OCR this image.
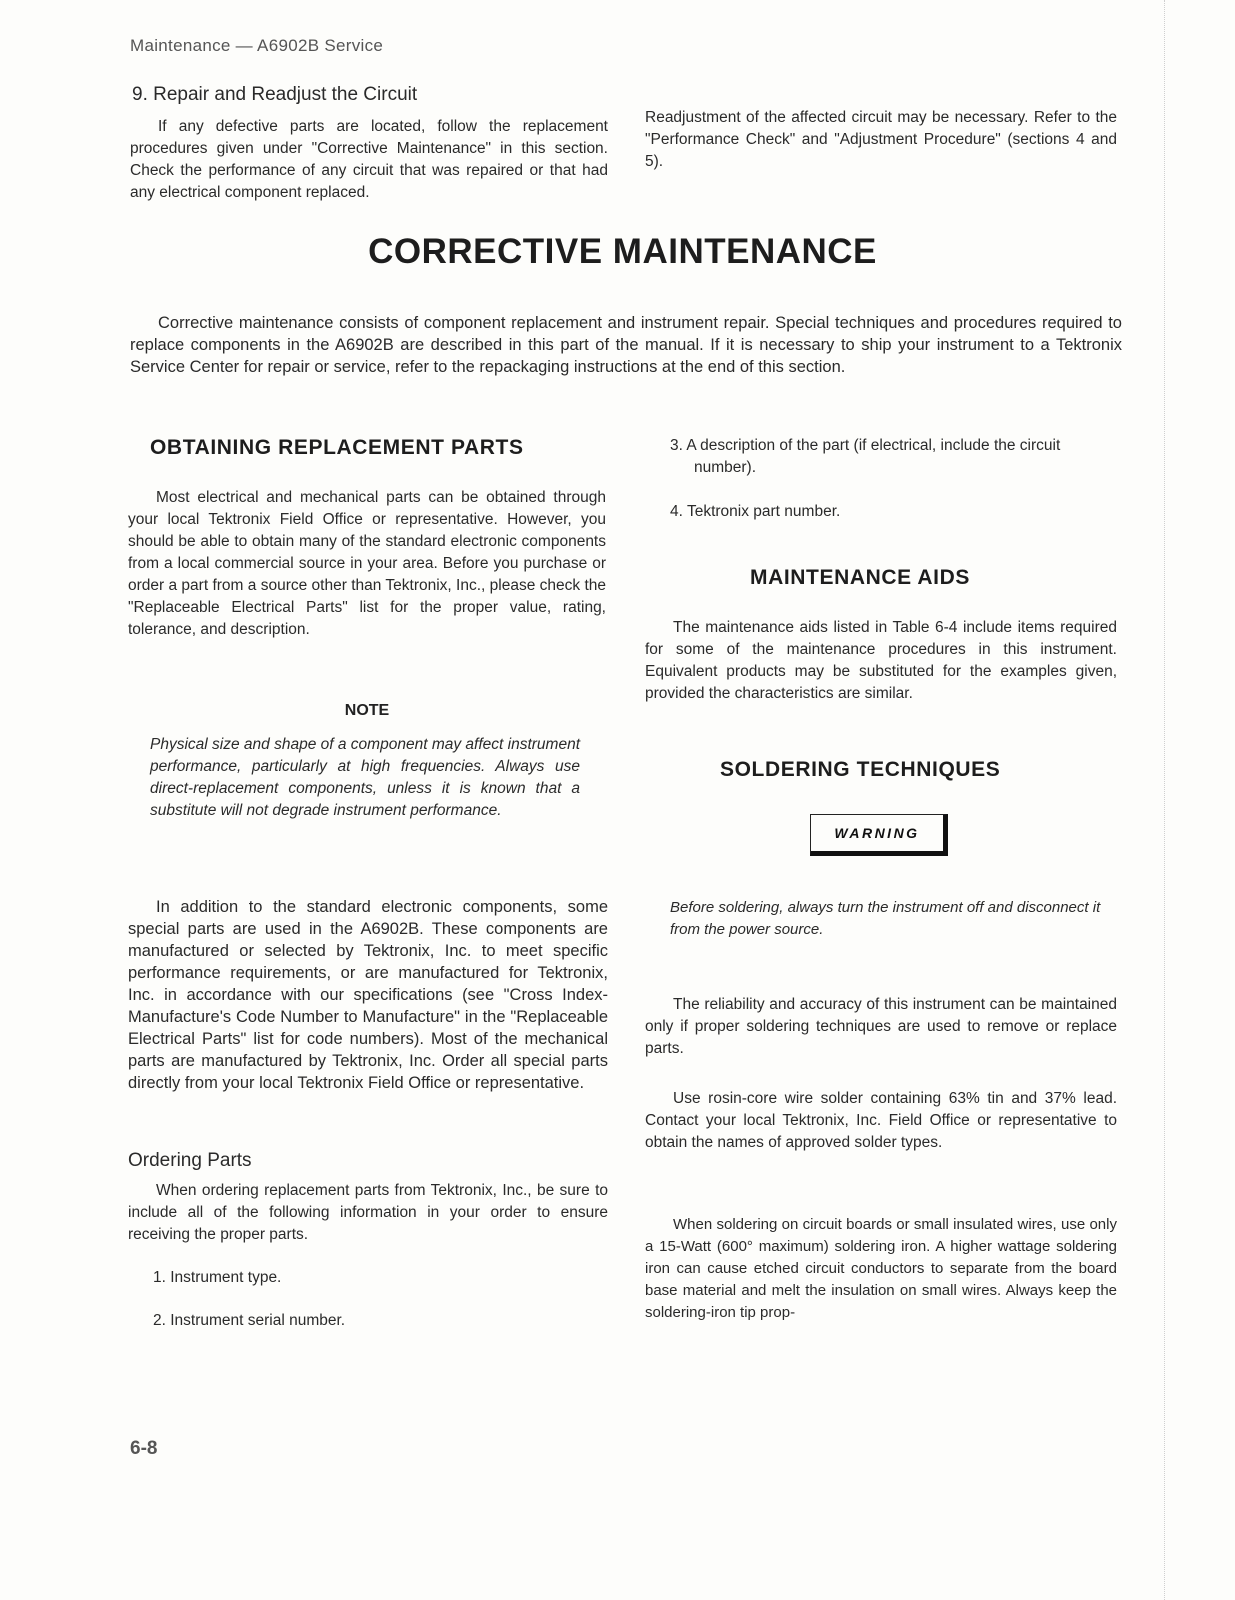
Maintenance — A6902B Service
9. Repair and Readjust the Circuit

If any defective parts are located, follow the replacement procedures given under "Corrective Maintenance" in this section. Check the performance of any circuit that was repaired or that had any electrical component replaced.

Readjustment of the affected circuit may be necessary. Refer to the "Performance Check" and "Adjustment Procedure" (sections 4 and 5).

CORRECTIVE MAINTENANCE

Corrective maintenance consists of component replacement and instrument repair. Special techniques and procedures required to replace components in the A6902B are described in this part of the manual. If it is necessary to ship your instrument to a Tektronix Service Center for repair or service, refer to the repackaging instructions at the end of this section.

OBTAINING REPLACEMENT PARTS

Most electrical and mechanical parts can be obtained through your local Tektronix Field Office or representative. However, you should be able to obtain many of the standard electronic components from a local commercial source in your area. Before you purchase or order a part from a source other than Tektronix, Inc., please check the "Replaceable Electrical Parts" list for the proper value, rating, tolerance, and description.

NOTE

Physical size and shape of a component may affect instrument performance, particularly at high frequencies. Always use direct-replacement components, unless it is known that a substitute will not degrade instrument performance.

In addition to the standard electronic components, some special parts are used in the A6902B. These components are manufactured or selected by Tektronix, Inc. to meet specific performance requirements, or are manufactured for Tektronix, Inc. in accordance with our specifications (see "Cross Index-Manufacture's Code Number to Manufacture" in the "Replaceable Electrical Parts" list for code numbers). Most of the mechanical parts are manufactured by Tektronix, Inc. Order all special parts directly from your local Tektronix Field Office or representative.

Ordering Parts

When ordering replacement parts from Tektronix, Inc., be sure to include all of the following information in your order to ensure receiving the proper parts.

1. Instrument type.
2. Instrument serial number.
3. A description of the part (if electrical, include the circuit number).
4. Tektronix part number.
MAINTENANCE AIDS

The maintenance aids listed in Table 6-4 include items required for some of the maintenance procedures in this instrument. Equivalent products may be substituted for the examples given, provided the characteristics are similar.

SOLDERING TECHNIQUES
WARNING

Before soldering, always turn the instrument off and disconnect it from the power source.

The reliability and accuracy of this instrument can be maintained only if proper soldering techniques are used to remove or replace parts.

Use rosin-core wire solder containing 63% tin and 37% lead. Contact your local Tektronix, Inc. Field Office or representative to obtain the names of approved solder types.

When soldering on circuit boards or small insulated wires, use only a 15-Watt (600° maximum) soldering iron. A higher wattage soldering iron can cause etched circuit conductors to separate from the board base material and melt the insulation on small wires. Always keep the soldering-iron tip prop-

6-8
